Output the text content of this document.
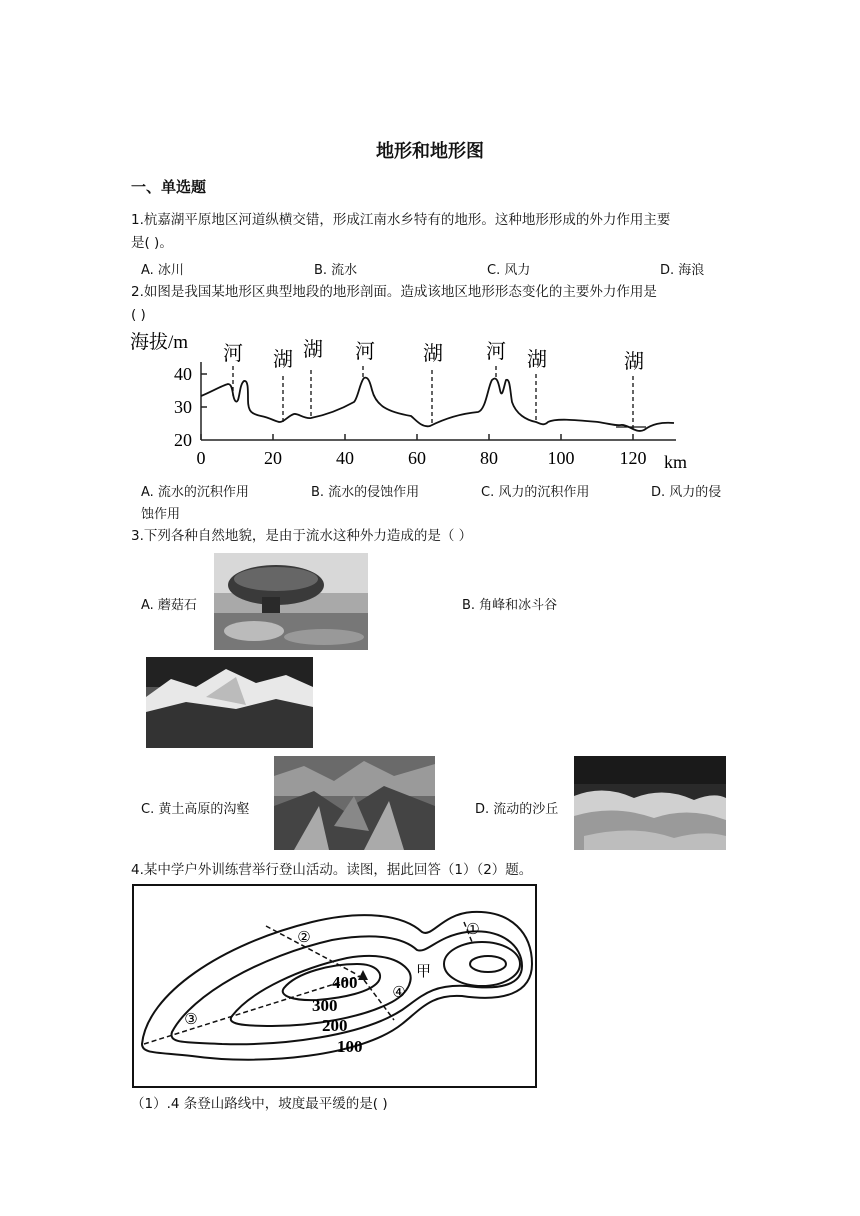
地形和地形图
一、单选题
1.杭嘉湖平原地区河道纵横交错，形成江南水乡特有的地形。这种地形形成的外力作用主要
是( )。
A. 冰川	B. 流水	C. 风力	D. 海浪
2.如图是我国某地形区典型地段的地形剖面。造成该地区地形形态变化的主要外力作用是
( )
海拔/m
40
30
20
0	20	40	60	80	100	120 km
河 湖 湖 河 湖 河 湖	湖
A. 流水的沉积作用	B. 流水的侵蚀作用	C. 风力的沉积作用	D. 风力的侵
蚀作用
3.下列各种自然地貌，是由于流水这种外力造成的是（ ）
A. 蘑菇石	B. 角峰和冰斗谷
C. 黄土高原的沟壑	D. 流动的沙丘
4.某中学户外训练营举行登山活动。读图，据此回答（1）（2）题。
②	①
③
④
甲
400
300
200
100
（1）.4 条登山路线中，坡度最平缓的是( )
